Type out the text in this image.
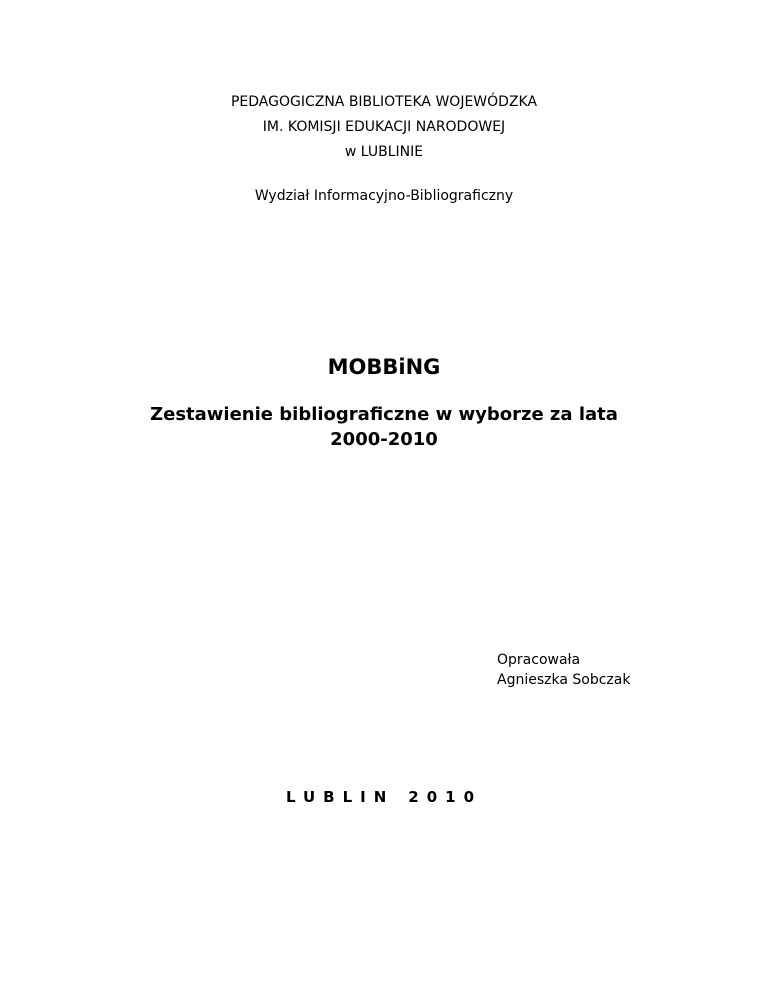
PEDAGOGICZNA BIBLIOTEKA WOJEWÓDZKA
IM. KOMISJI EDUKACJI NARODOWEJ
w LUBLINIE
Wydział Informacyjno-Bibliograficzny
MOBBiNG
Zestawienie bibliograficzne w wyborze za lata
2000-2010
Opracowała
Agnieszka Sobczak
LUBLIN 2010
